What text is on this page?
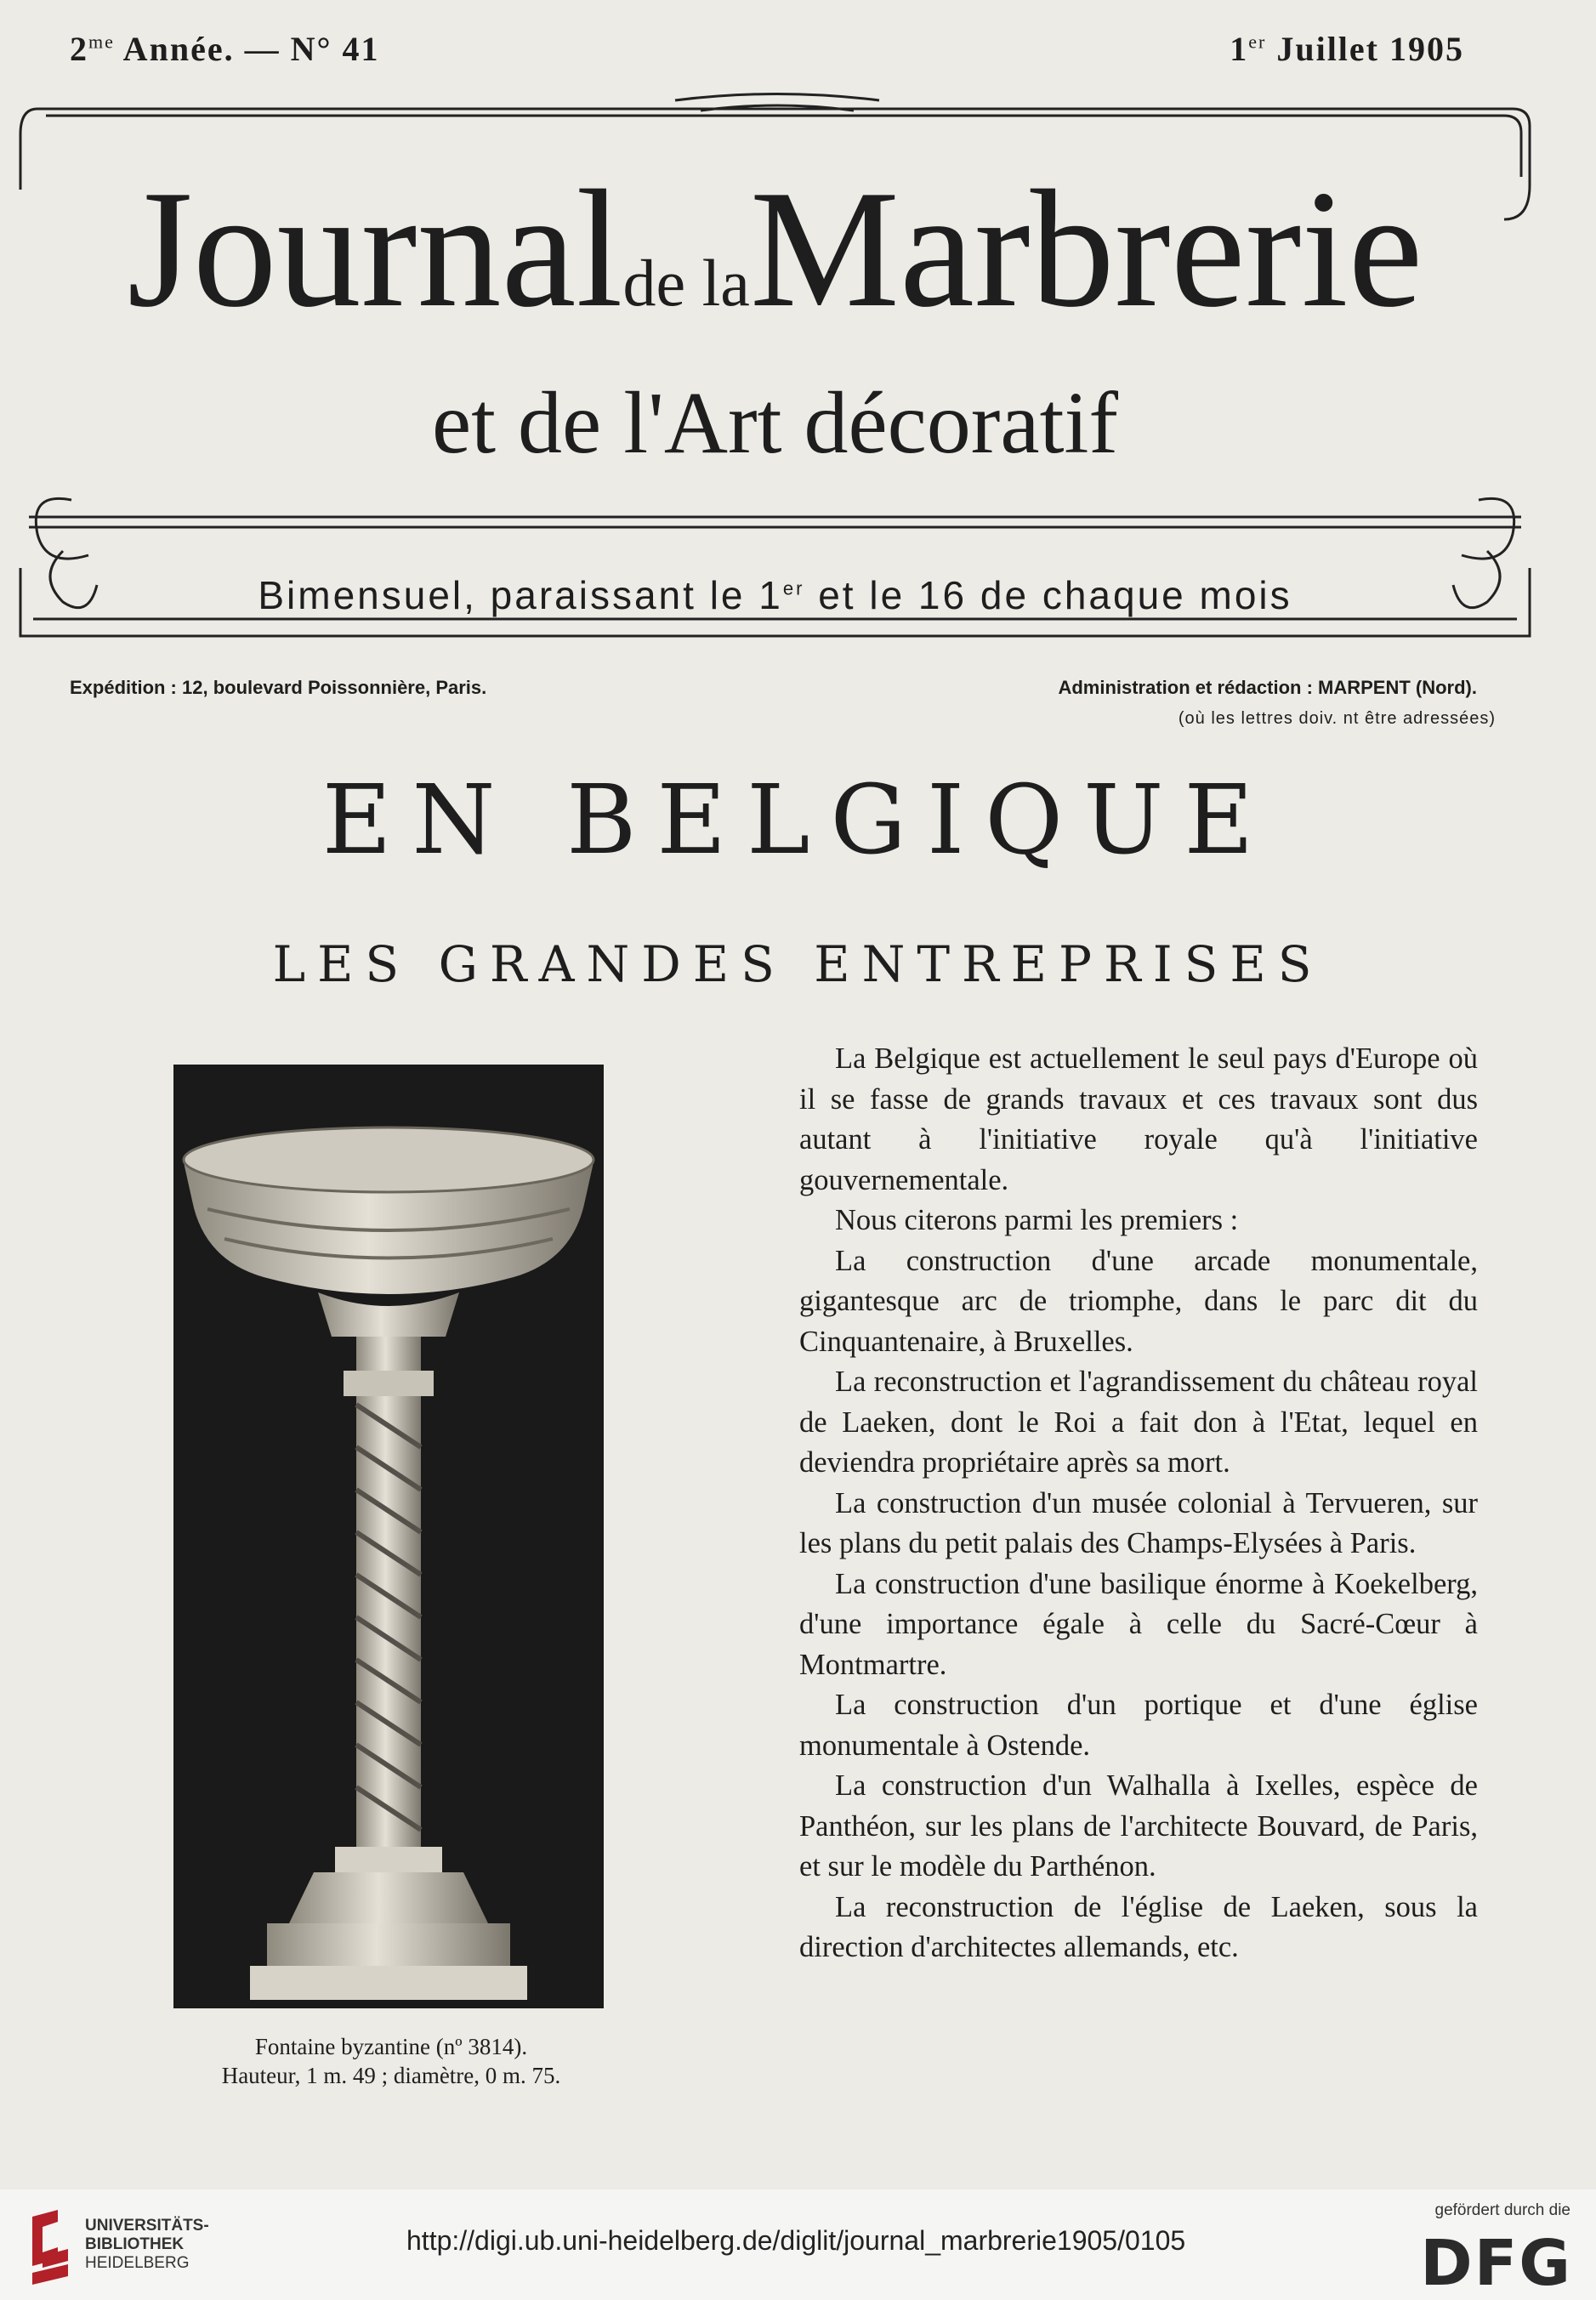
$2^{me}$ Année. — N° 41	1er Juillet 1905
Journalde laMarbrerie
et de l'Art décoratif
Bimensuel, paraissant le 1er et le 16 de chaque mois
Expédition : 12, boulevard Poissonnière, Paris.	Administration et rédaction : MARPENT (Nord).
(où les lettres doiv. nt être adressées)
EN BELGIQUE
LES GRANDES ENTREPRISES
Fontaine byzantine (nº 3814).
Hauteur, 1 m. 49 ; diamètre, 0 m. 75.

La Belgique est actuellement le seul pays d'Europe où il se fasse de grands travaux et ces travaux sont dus autant à l'initiative royale qu'à l'initiative gouvernementale.

Nous citerons parmi les premiers :

La construction d'une arcade monumentale, gigantesque arc de triomphe, dans le parc dit du Cinquantenaire, à Bruxelles.

La reconstruction et l'agrandissement du château royal de Laeken, dont le Roi a fait don à l'Etat, lequel en deviendra propriétaire après sa mort.

La construction d'un musée colonial à Tervueren, sur les plans du petit palais des Champs-Elysées à Paris.

La construction d'une basilique énorme à Koekelberg, d'une importance égale à celle du Sacré-Cœur à Montmartre.

La construction d'un portique et d'une église monumentale à Ostende.

La construction d'un Walhalla à Ixelles, espèce de Panthéon, sur les plans de l'architecte Bouvard, de Paris, et sur le modèle du Parthénon.

La reconstruction de l'église de Laeken, sous la direction d'architectes allemands, etc.

UNIVERSITÄTS-
BIBLIOTHEK
HEIDELBERG
http://digi.ub.uni-heidelberg.de/diglit/journal_marbrerie1905/0105
gefördert durch die
DFG
